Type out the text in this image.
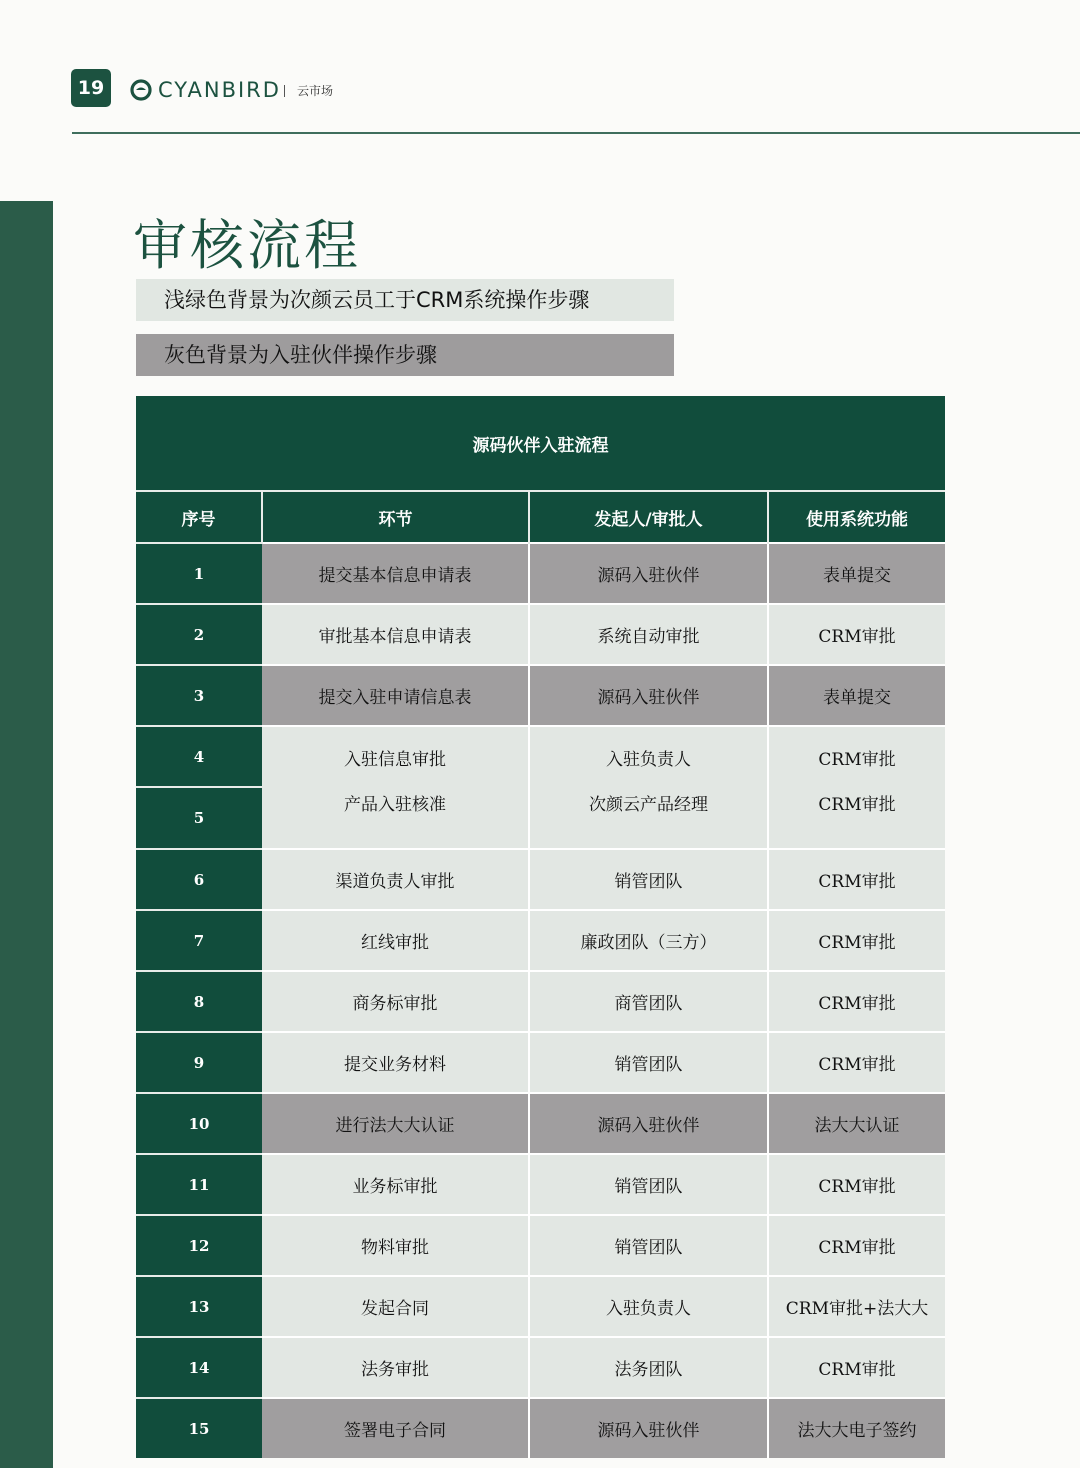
19	CYANBIRD 云市场
审核流程
浅绿色背景为次颜云员工于CRM系统操作步骤
灰色背景为入驻伙伴操作步骤
源码伙伴入驻流程			
序号	环节	发起人/审批人	使用系统功能
1	提交基本信息申请表	源码入驻伙伴	表单提交
2	审批基本信息申请表	系统自动审批	CRM审批
3	提交入驻申请信息表	源码入驻伙伴	表单提交
4	入驻信息审批	入驻负责人	CRM审批
5	产品入驻核准	次颜云产品经理	CRM审批
6	渠道负责人审批	销管团队	CRM审批
7	红线审批	廉政团队（三方）	CRM审批
8	商务标审批	商管团队	CRM审批
9	提交业务材料	销管团队	CRM审批
10	进行法大大认证	源码入驻伙伴	法大大认证
11	业务标审批	销管团队	CRM审批
12	物料审批	销管团队	CRM审批
13	发起合同	入驻负责人	CRM审批+法大大
14	法务审批	法务团队	CRM审批
15	签署电子合同	源码入驻伙伴	法大大电子签约
